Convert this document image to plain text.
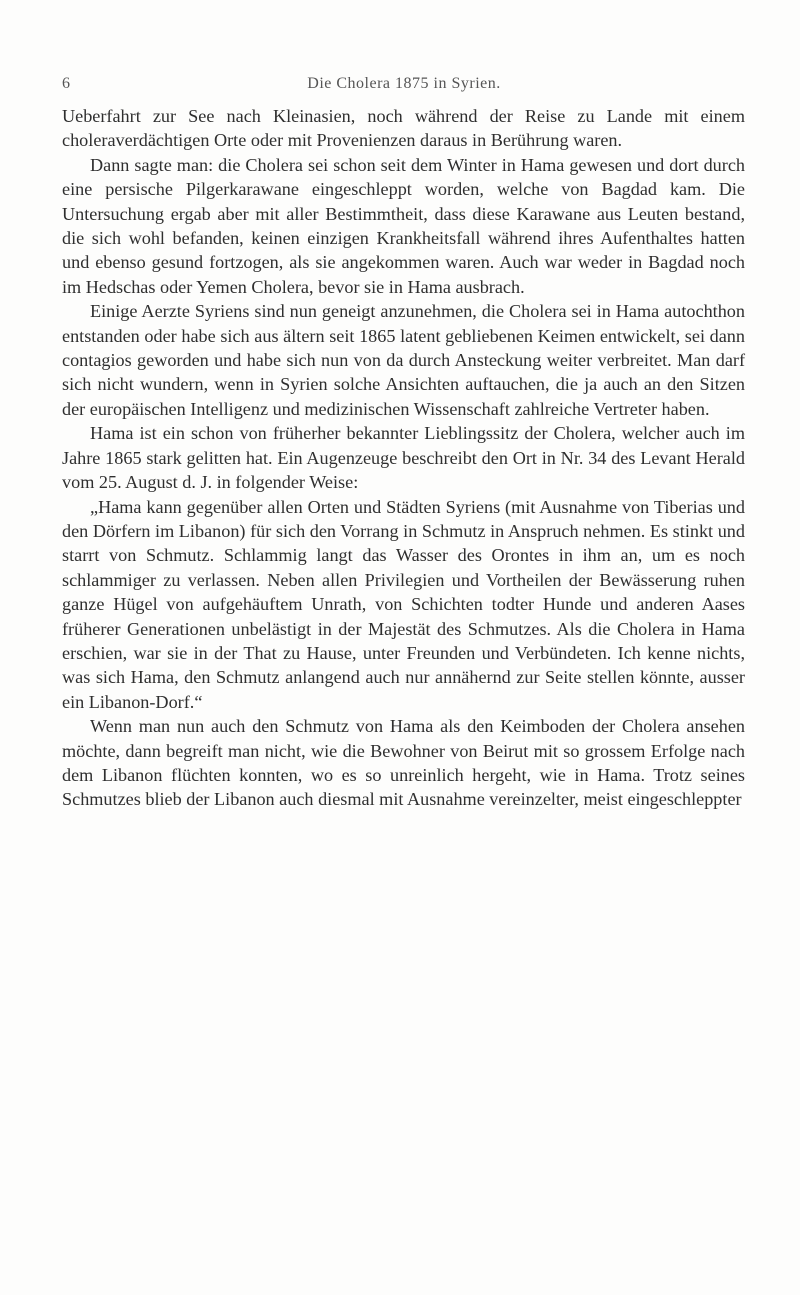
6	Die Cholera 1875 in Syrien.

Ueberfahrt zur See nach Kleinasien, noch während der Reise zu Lande mit einem choleraverdächtigen Orte oder mit Provenienzen daraus in Berührung waren.

Dann sagte man: die Cholera sei schon seit dem Winter in Hama gewesen und dort durch eine persische Pilgerkarawane eingeschleppt worden, welche von Bagdad kam. Die Untersuchung ergab aber mit aller Bestimmtheit, dass diese Karawane aus Leuten bestand, die sich wohl befanden, keinen einzigen Krankheitsfall während ihres Aufenthaltes hatten und ebenso gesund fortzogen, als sie angekommen waren. Auch war weder in Bagdad noch im Hedschas oder Yemen Cholera, bevor sie in Hama ausbrach.

Einige Aerzte Syriens sind nun geneigt anzunehmen, die Cholera sei in Hama autochthon entstanden oder habe sich aus ältern seit 1865 latent gebliebenen Keimen entwickelt, sei dann contagios geworden und habe sich nun von da durch Ansteckung weiter verbreitet. Man darf sich nicht wundern, wenn in Syrien solche Ansichten auftauchen, die ja auch an den Sitzen der europäischen Intelligenz und medizinischen Wissenschaft zahlreiche Vertreter haben.

Hama ist ein schon von früherher bekannter Lieblingssitz der Cholera, welcher auch im Jahre 1865 stark gelitten hat. Ein Augenzeuge beschreibt den Ort in Nr. 34 des Levant Herald vom 25. August d. J. in folgender Weise:

„Hama kann gegenüber allen Orten und Städten Syriens (mit Ausnahme von Tiberias und den Dörfern im Libanon) für sich den Vorrang in Schmutz in Anspruch nehmen. Es stinkt und starrt von Schmutz. Schlammig langt das Wasser des Orontes in ihm an, um es noch schlammiger zu verlassen. Neben allen Privilegien und Vortheilen der Bewässerung ruhen ganze Hügel von aufgehäuftem Unrath, von Schichten todter Hunde und anderen Aases früherer Generationen unbelästigt in der Majestät des Schmutzes. Als die Cholera in Hama erschien, war sie in der That zu Hause, unter Freunden und Verbündeten. Ich kenne nichts, was sich Hama, den Schmutz anlangend auch nur annähernd zur Seite stellen könnte, ausser ein Libanon-Dorf.“

Wenn man nun auch den Schmutz von Hama als den Keimboden der Cholera ansehen möchte, dann begreift man nicht, wie die Bewohner von Beirut mit so grossem Erfolge nach dem Libanon flüchten konnten, wo es so unreinlich hergeht, wie in Hama. Trotz seines Schmutzes blieb der Libanon auch diesmal mit Ausnahme vereinzelter, meist eingeschleppter
